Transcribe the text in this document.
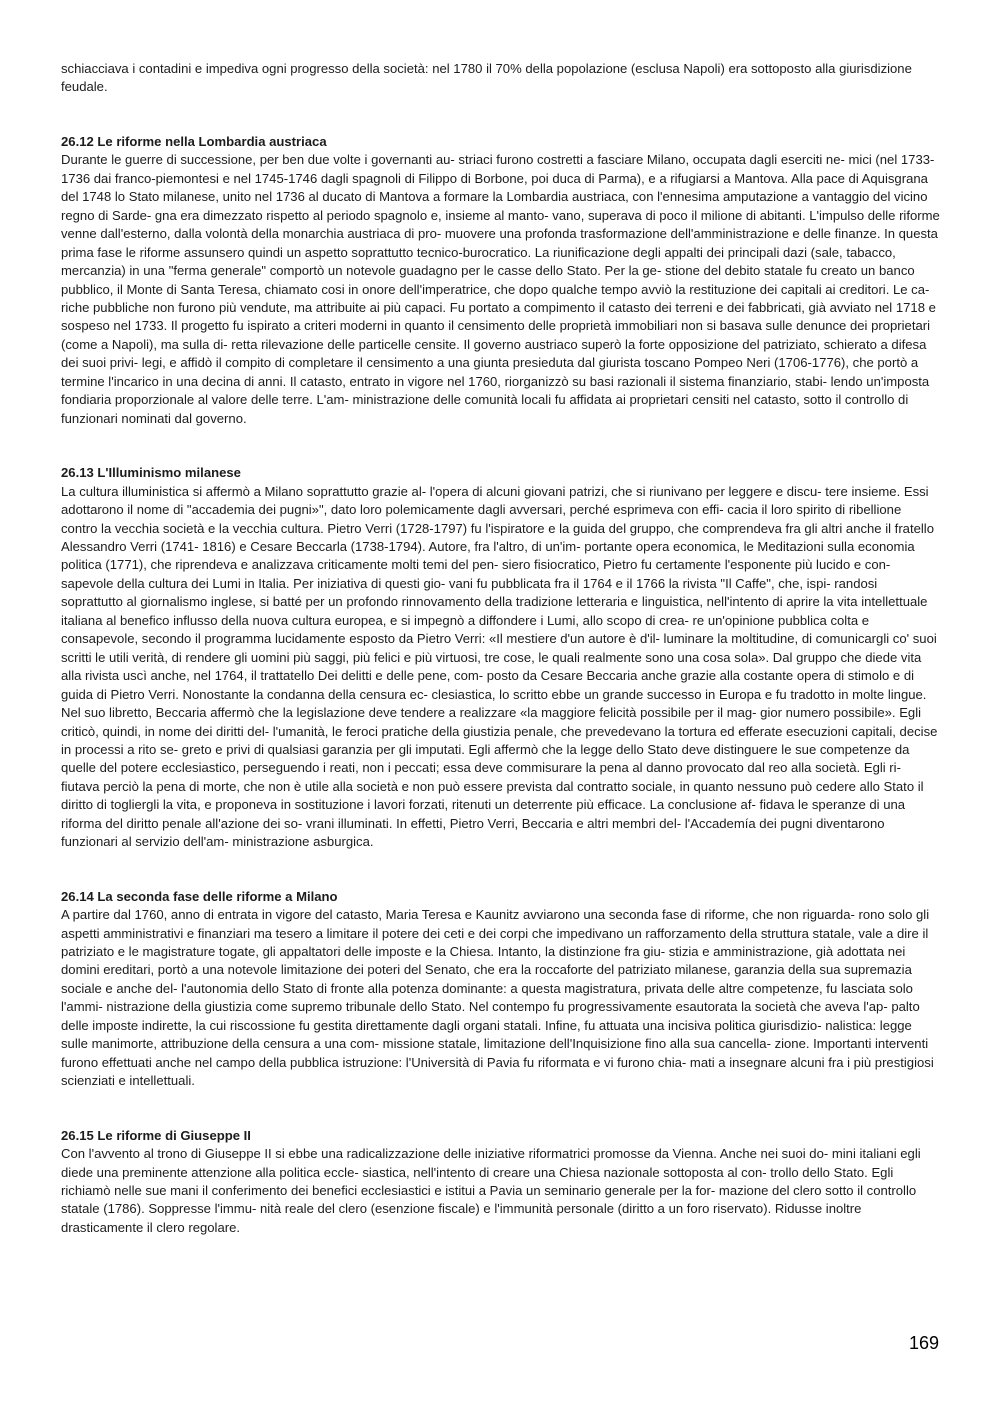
schiacciava i contadini e impediva ogni progresso della società: nel 1780 il 70% della popolazione (esclusa Napoli) era sottoposto alla giurisdizione feudale.

26.12 Le riforme nella Lombardia austriaca

Durante le guerre di successione, per ben due volte i governanti au- striaci furono costretti a fasciare Milano, occupata dagli eserciti ne- mici (nel 1733-1736 dai franco-piemontesi e nel 1745-1746 dagli spagnoli di Filippo di Borbone, poi duca di Parma), e a rifugiarsi a Mantova. Alla pace di Aquisgrana del 1748 lo Stato milanese, unito nel 1736 al ducato di Mantova a formare la Lombardia austriaca, con l'ennesima amputazione a vantaggio del vicino regno di Sarde- gna era dimezzato rispetto al periodo spagnolo e, insieme al manto- vano, superava di poco il milione di abitanti. L'impulso delle riforme venne dall'esterno, dalla volontà della monarchia austriaca di pro- muovere una profonda trasformazione dell'amministrazione e delle finanze. In questa prima fase le riforme assunsero quindi un aspetto soprattutto tecnico-burocratico. La riunificazione degli appalti dei principali dazi (sale, tabacco, mercanzia) in una "ferma generale" comportò un notevole guadagno per le casse dello Stato. Per la ge- stione del debito statale fu creato un banco pubblico, il Monte di Santa Teresa, chiamato cosi in onore dell'imperatrice, che dopo qualche tempo avviò la restituzione dei capitali ai creditori. Le ca- riche pubbliche non furono più vendute, ma attribuite ai più capaci. Fu portato a compimento il catasto dei terreni e dei fabbricati, già avviato nel 1718 e sospeso nel 1733. Il progetto fu ispirato a criteri moderni in quanto il censimento delle proprietà immobiliari non si basava sulle denunce dei proprietari (come a Napoli), ma sulla di- retta rilevazione delle particelle censite. Il governo austriaco superò la forte opposizione del patriziato, schierato a difesa dei suoi privi- legi, e affidò il compito di completare il censimento a una giunta presieduta dal giurista toscano Pompeo Neri (1706-1776), che portò a termine l'incarico in una decina di anni. Il catasto, entrato in vigore nel 1760, riorganizzò su basi razionali il sistema finanziario, stabi- lendo un'imposta fondiaria proporzionale al valore delle terre. L'am- ministrazione delle comunità locali fu affidata ai proprietari censiti nel catasto, sotto il controllo di funzionari nominati dal governo.

26.13 L'Illuminismo milanese

La cultura illuministica si affermò a Milano soprattutto grazie al- l'opera di alcuni giovani patrizi, che si riunivano per leggere e discu- tere insieme. Essi adottarono il nome di "accademia dei pugni»", dato loro polemicamente dagli avversari, perché esprimeva con effi- cacia il loro spirito di ribellione contro la vecchia società e la vecchia cultura. Pietro Verri (1728-1797) fu l'ispiratore e la guida del gruppo, che comprendeva fra gli altri anche il fratello Alessandro Verri (1741- 1816) e Cesare Beccarla (1738-1794). Autore, fra l'altro, di un'im- portante opera economica, le Meditazioni sulla economia politica (1771), che riprendeva e analizzava criticamente molti temi del pen- siero fisiocratico, Pietro fu certamente l'esponente più lucido e con- sapevole della cultura dei Lumi in Italia. Per iniziativa di questi gio- vani fu pubblicata fra il 1764 e il 1766 la rivista "Il Caffe", che, ispi- randosi soprattutto al giornalismo inglese, si batté per un profondo rinnovamento della tradizione letteraria e linguistica, nell'intento di aprire la vita intellettuale italiana al benefico influsso della nuova cultura europea, e si impegnò a diffondere i Lumi, allo scopo di crea- re un'opinione pubblica colta e consapevole, secondo il programma lucidamente esposto da Pietro Verri: «Il mestiere d'un autore è d'il- luminare la moltitudine, di comunicargli co' suoi scritti le utili verità, di rendere gli uomini più saggi, più felici e più virtuosi, tre cose, le quali realmente sono una cosa sola». Dal gruppo che diede vita alla rivista uscì anche, nel 1764, il trattatello Dei delitti e delle pene, com- posto da Cesare Beccaria anche grazie alla costante opera di stimolo e di guida di Pietro Verri. Nonostante la condanna della censura ec- clesiastica, lo scritto ebbe un grande successo in Europa e fu tradotto in molte lingue. Nel suo libretto, Beccaria affermò che la legislazione deve tendere a realizzare «la maggiore felicità possibile per il mag- gior numero possibile». Egli criticò, quindi, in nome dei diritti del- l'umanità, le feroci pratiche della giustizia penale, che prevedevano la tortura ed efferate esecuzioni capitali, decise in processi a rito se- greto e privi di qualsiasi garanzia per gli imputati. Egli affermò che la legge dello Stato deve distinguere le sue competenze da quelle del potere ecclesiastico, perseguendo i reati, non i peccati; essa deve commisurare la pena al danno provocato dal reo alla società. Egli ri- fiutava perciò la pena di morte, che non è utile alla società e non può essere prevista dal contratto sociale, in quanto nessuno può cedere allo Stato il diritto di togliergli la vita, e proponeva in sostituzione i lavori forzati, ritenuti un deterrente più efficace. La conclusione af- fidava le speranze di una riforma del diritto penale all'azione dei so- vrani illuminati. In effetti, Pietro Verri, Beccaria e altri membri del- l'Accademía dei pugni diventarono funzionari al servizio dell'am- ministrazione asburgica.

26.14 La seconda fase delle riforme a Milano

A partire dal 1760, anno di entrata in vigore del catasto, Maria Teresa e Kaunitz avviarono una seconda fase di riforme, che non riguarda- rono solo gli aspetti amministrativi e finanziari ma tesero a limitare il potere dei ceti e dei corpi che impedivano un rafforzamento della struttura statale, vale a dire il patriziato e le magistrature togate, gli appaltatori delle imposte e la Chiesa. Intanto, la distinzione fra giu- stizia e amministrazione, già adottata nei domini ereditari, portò a una notevole limitazione dei poteri del Senato, che era la roccaforte del patriziato milanese, garanzia della sua supremazia sociale e anche del- l'autonomia dello Stato di fronte alla potenza dominante: a questa magistratura, privata delle altre competenze, fu lasciata solo l'ammi- nistrazione della giustizia come supremo tribunale dello Stato. Nel contempo fu progressivamente esautorata la società che aveva l'ap- palto delle imposte indirette, la cui riscossione fu gestita direttamente dagli organi statali. Infine, fu attuata una incisiva politica giurisdizio- nalistica: legge sulle manimorte, attribuzione della censura a una com- missione statale, limitazione dell'Inquisizione fino alla sua cancella- zione. Importanti interventi furono effettuati anche nel campo della pubblica istruzione: l'Università di Pavia fu riformata e vi furono chia- mati a insegnare alcuni fra i più prestigiosi scienziati e intellettuali.

26.15 Le riforme di Giuseppe II

Con l'avvento al trono di Giuseppe II si ebbe una radicalizzazione delle iniziative riformatrici promosse da Vienna. Anche nei suoi do- mini italiani egli diede una preminente attenzione alla politica eccle- siastica, nell'intento di creare una Chiesa nazionale sottoposta al con- trollo dello Stato. Egli richiamò nelle sue mani il conferimento dei benefici ecclesiastici e istitui a Pavia un seminario generale per la for- mazione del clero sotto il controllo statale (1786). Soppresse l'immu- nità reale del clero (esenzione fiscale) e l'immunità personale (diritto a un foro riservato). Ridusse inoltre drasticamente il clero regolare.

169
